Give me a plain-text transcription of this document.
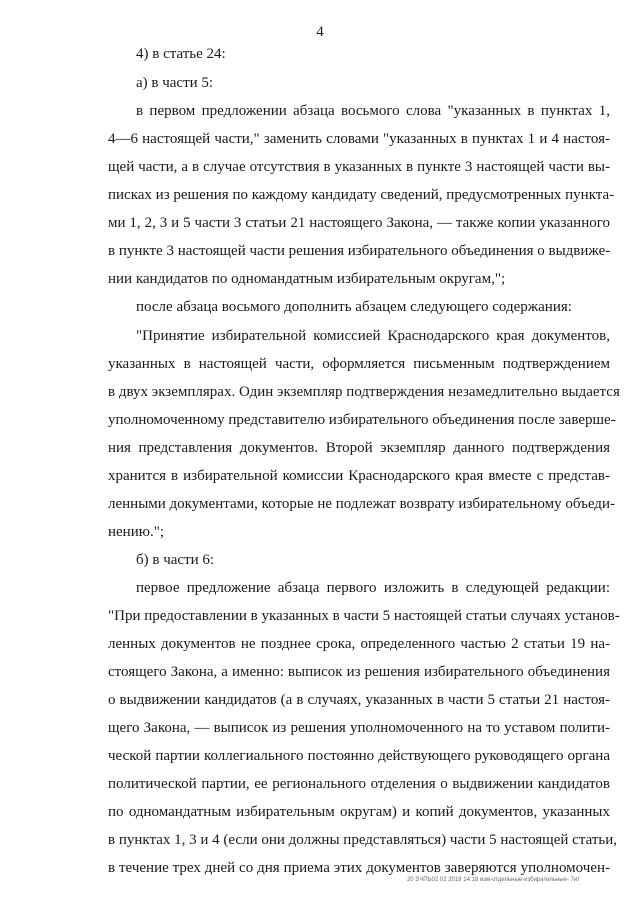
4
4) в статье 24:
а) в части 5:
в первом предложении абзаца восьмого слова "указанных в пунктах 1,
4—6 настоящей части," заменить словами "указанных в пунктах 1 и 4 настоя-
щей части, а в случае отсутствия в указанных в пункте 3 настоящей части вы-
писках из решения по каждому кандидату сведений, предусмотренных пункта-
ми 1, 2, 3 и 5 части 3 статьи 21 настоящего Закона, — также копии указанного
в пункте 3 настоящей части решения избирательного объединения о выдвиже-
нии кандидатов по одномандатным избирательным округам,";
после абзаца восьмого дополнить абзацем следующего содержания:
"Принятие избирательной комиссией Краснодарского края документов,
указанных в настоящей части, оформляется письменным подтверждением
в двух экземплярах. Один экземпляр подтверждения незамедлительно выдается
уполномоченному представителю избирательного объединения после заверше-
ния представления документов. Второй экземпляр данного подтверждения
хранится в избирательной комиссии Краснодарского края вместе с представ-
ленными документами, которые не подлежат возврату избирательному объеди-
нению.";
б) в части 6:
первое предложение абзаца первого изложить в следующей редакции:
"При предоставлении в указанных в части 5 настоящей статьи случаях установ-
ленных документов не позднее срока, определенного частью 2 статьи 19 на-
стоящего Закона, а именно: выписок из решения избирательного объединения
о выдвижении кандидатов (а в случаях, указанных в части 5 статьи 21 настоя-
щего Закона, — выписок из решения уполномоченного на то уставом полити-
ческой партии коллегиального постоянно действующего руководящего органа
политической партии, ее регионального отделения о выдвижении кандидатов
по одномандатным избирательным округам) и копий документов, указанных
в пунктах 1, 3 и 4 (если они должны представляться) части 5 настоящей статьи,
в течение трех дней со дня приема этих документов заверяются уполномочен-
20 SЧПЬ02 02 2018 14:18 изм-отдельные-избирательные- 7ит
